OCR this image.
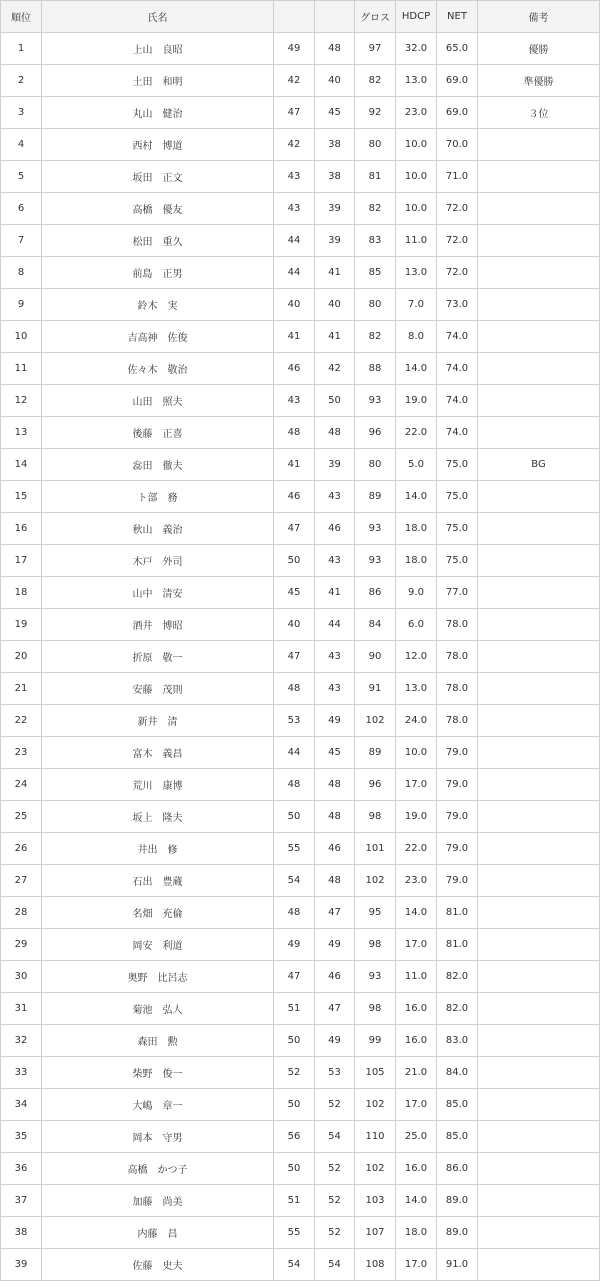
順位	氏名			グロス	HDCP	NET	備考
1	上山　良昭	49	48	97	32.0	65.0	優勝
2	土田　和明	42	40	82	13.0	69.0	準優勝
3	丸山　健治	47	45	92	23.0	69.0	３位
4	西村　博道	42	38	80	10.0	70.0	
5	坂田　正文	43	38	81	10.0	71.0	
6	高橋　優友	43	39	82	10.0	72.0	
7	松田　重久	44	39	83	11.0	72.0	
8	前島　正男	44	41	85	13.0	72.0	
9	鈴木　実	40	40	80	7.0	73.0	
10	吉高神　佐俊	41	41	82	8.0	74.0	
11	佐々木　敬治	46	42	88	14.0	74.0	
12	山田　照夫	43	50	93	19.0	74.0	
13	後藤　正喜	48	48	96	22.0	74.0	
14	惢田　徹夫	41	39	80	5.0	75.0	BG
15	ト部　務	46	43	89	14.0	75.0	
16	秋山　義治	47	46	93	18.0	75.0	
17	木戸　外司	50	43	93	18.0	75.0	
18	山中　清安	45	41	86	9.0	77.0	
19	酒井　博昭	40	44	84	6.0	78.0	
20	折原　敬一	47	43	90	12.0	78.0	
21	安藤　茂則	48	43	91	13.0	78.0	
22	新井　清	53	49	102	24.0	78.0	
23	富木　義昌	44	45	89	10.0	79.0	
24	荒川　康博	48	48	96	17.0	79.0	
25	坂上　隆夫	50	48	98	19.0	79.0	
26	井出　修	55	46	101	22.0	79.0	
27	石出　豊蔵	54	48	102	23.0	79.0	
28	名畑　充倫	48	47	95	14.0	81.0	
29	岡安　利道	49	49	98	17.0	81.0	
30	奥野　比呂志	47	46	93	11.0	82.0	
31	菊池　弘人	51	47	98	16.0	82.0	
32	森田　勲	50	49	99	16.0	83.0	
33	柴野　俊一	52	53	105	21.0	84.0	
34	大嶋　章一	50	52	102	17.0	85.0	
35	岡本　守男	56	54	110	25.0	85.0	
36	高橋　かつ子	50	52	102	16.0	86.0	
37	加藤　尚美	51	52	103	14.0	89.0	
38	内藤　昌	55	52	107	18.0	89.0	
39	佐藤　史夫	54	54	108	17.0	91.0	
